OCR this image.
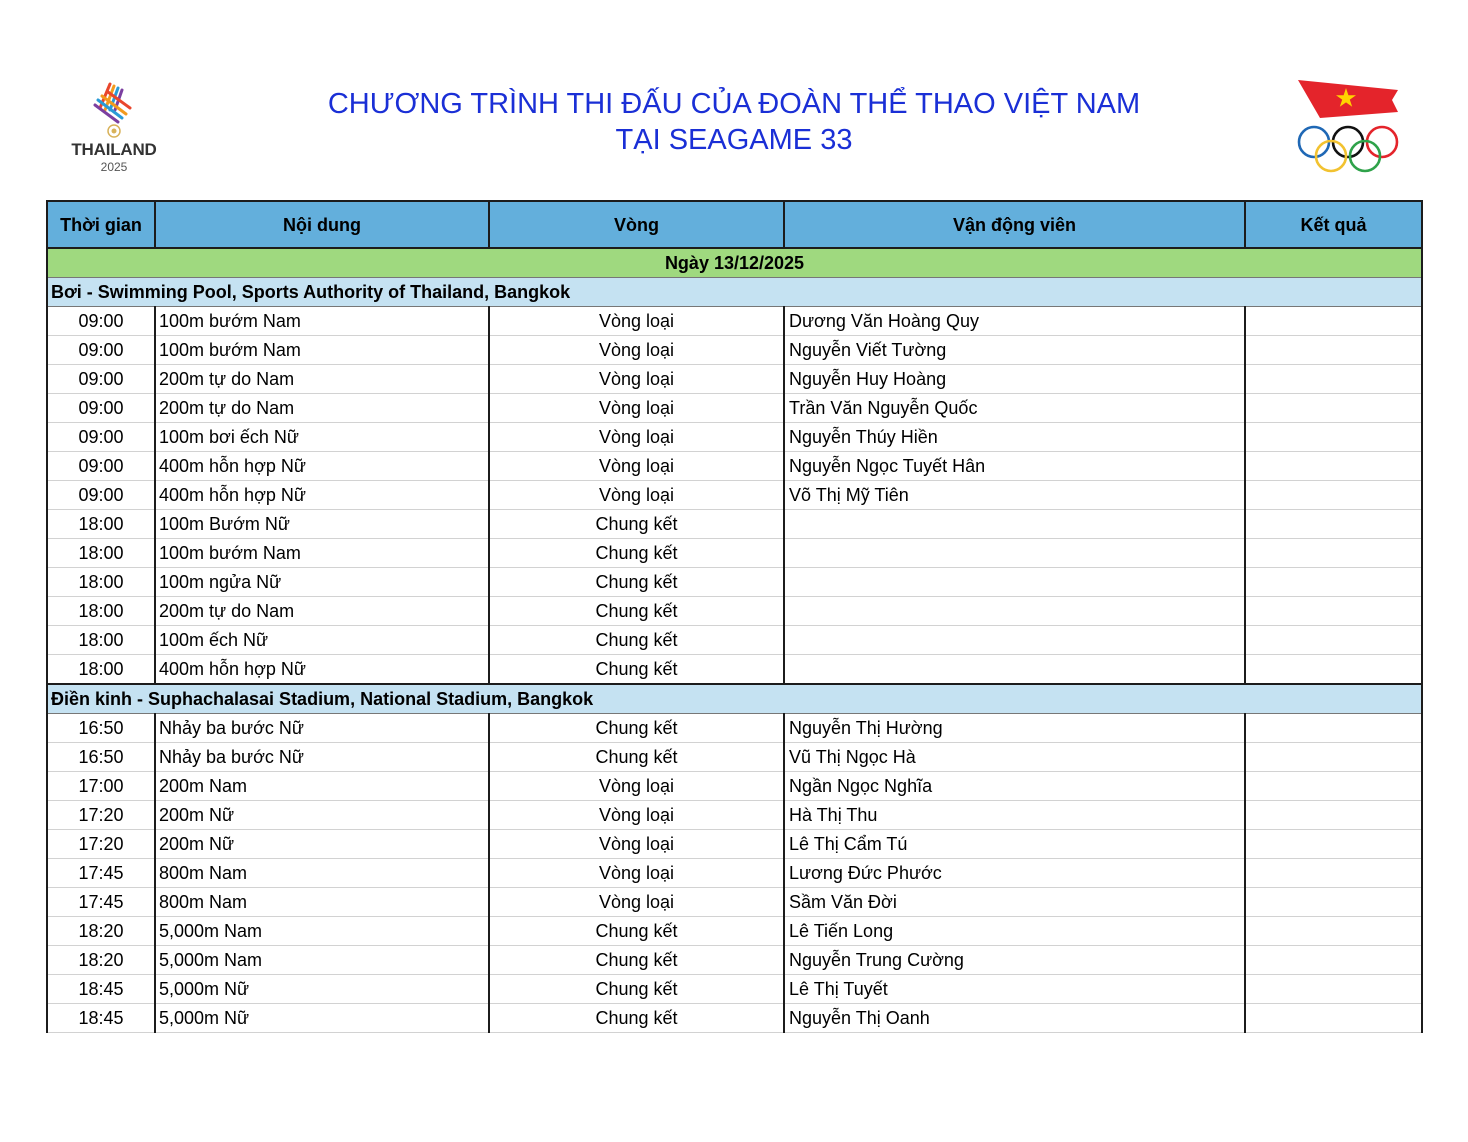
THAILAND
2025
CHƯƠNG TRÌNH THI ĐẤU CỦA ĐOÀN THỂ THAO VIỆT NAM
TẠI SEAGAME 33
Thời gian	Nội dung	Vòng	Vận động viên	Kết quả
Ngày 13/12/2025				
Bơi - Swimming Pool, Sports Authority of Thailand, Bangkok				
09:00	100m bướm Nam	Vòng loại	Dương Văn Hoàng Quy	
09:00	100m bướm Nam	Vòng loại	Nguyễn Viết Tường	
09:00	200m tự do Nam	Vòng loại	Nguyễn Huy Hoàng	
09:00	200m tự do Nam	Vòng loại	Trần Văn Nguyễn Quốc	
09:00	100m bơi ếch Nữ	Vòng loại	Nguyễn Thúy Hiền	
09:00	400m hỗn hợp Nữ	Vòng loại	Nguyễn Ngọc Tuyết Hân	
09:00	400m hỗn hợp Nữ	Vòng loại	Võ Thị Mỹ Tiên	
18:00	100m Bướm Nữ	Chung kết		
18:00	100m bướm Nam	Chung kết		
18:00	100m ngửa Nữ	Chung kết		
18:00	200m tự do Nam	Chung kết		
18:00	100m ếch Nữ	Chung kết		
18:00	400m hỗn hợp Nữ	Chung kết		
Điền kinh - Suphachalasai Stadium, National Stadium, Bangkok				
16:50	Nhảy ba bước Nữ	Chung kết	Nguyễn Thị Hường	
16:50	Nhảy ba bước Nữ	Chung kết	Vũ Thị Ngọc Hà	
17:00	200m Nam	Vòng loại	Ngần Ngọc Nghĩa	
17:20	200m Nữ	Vòng loại	Hà Thị Thu	
17:20	200m Nữ	Vòng loại	Lê Thị Cẩm Tú	
17:45	800m Nam	Vòng loại	Lương Đức Phước	
17:45	800m Nam	Vòng loại	Sầm Văn Đời	
18:20	5,000m Nam	Chung kết	Lê Tiến Long	
18:20	5,000m Nam	Chung kết	Nguyễn Trung Cường	
18:45	5,000m Nữ	Chung kết	Lê Thị Tuyết	
18:45	5,000m Nữ	Chung kết	Nguyễn Thị Oanh	
